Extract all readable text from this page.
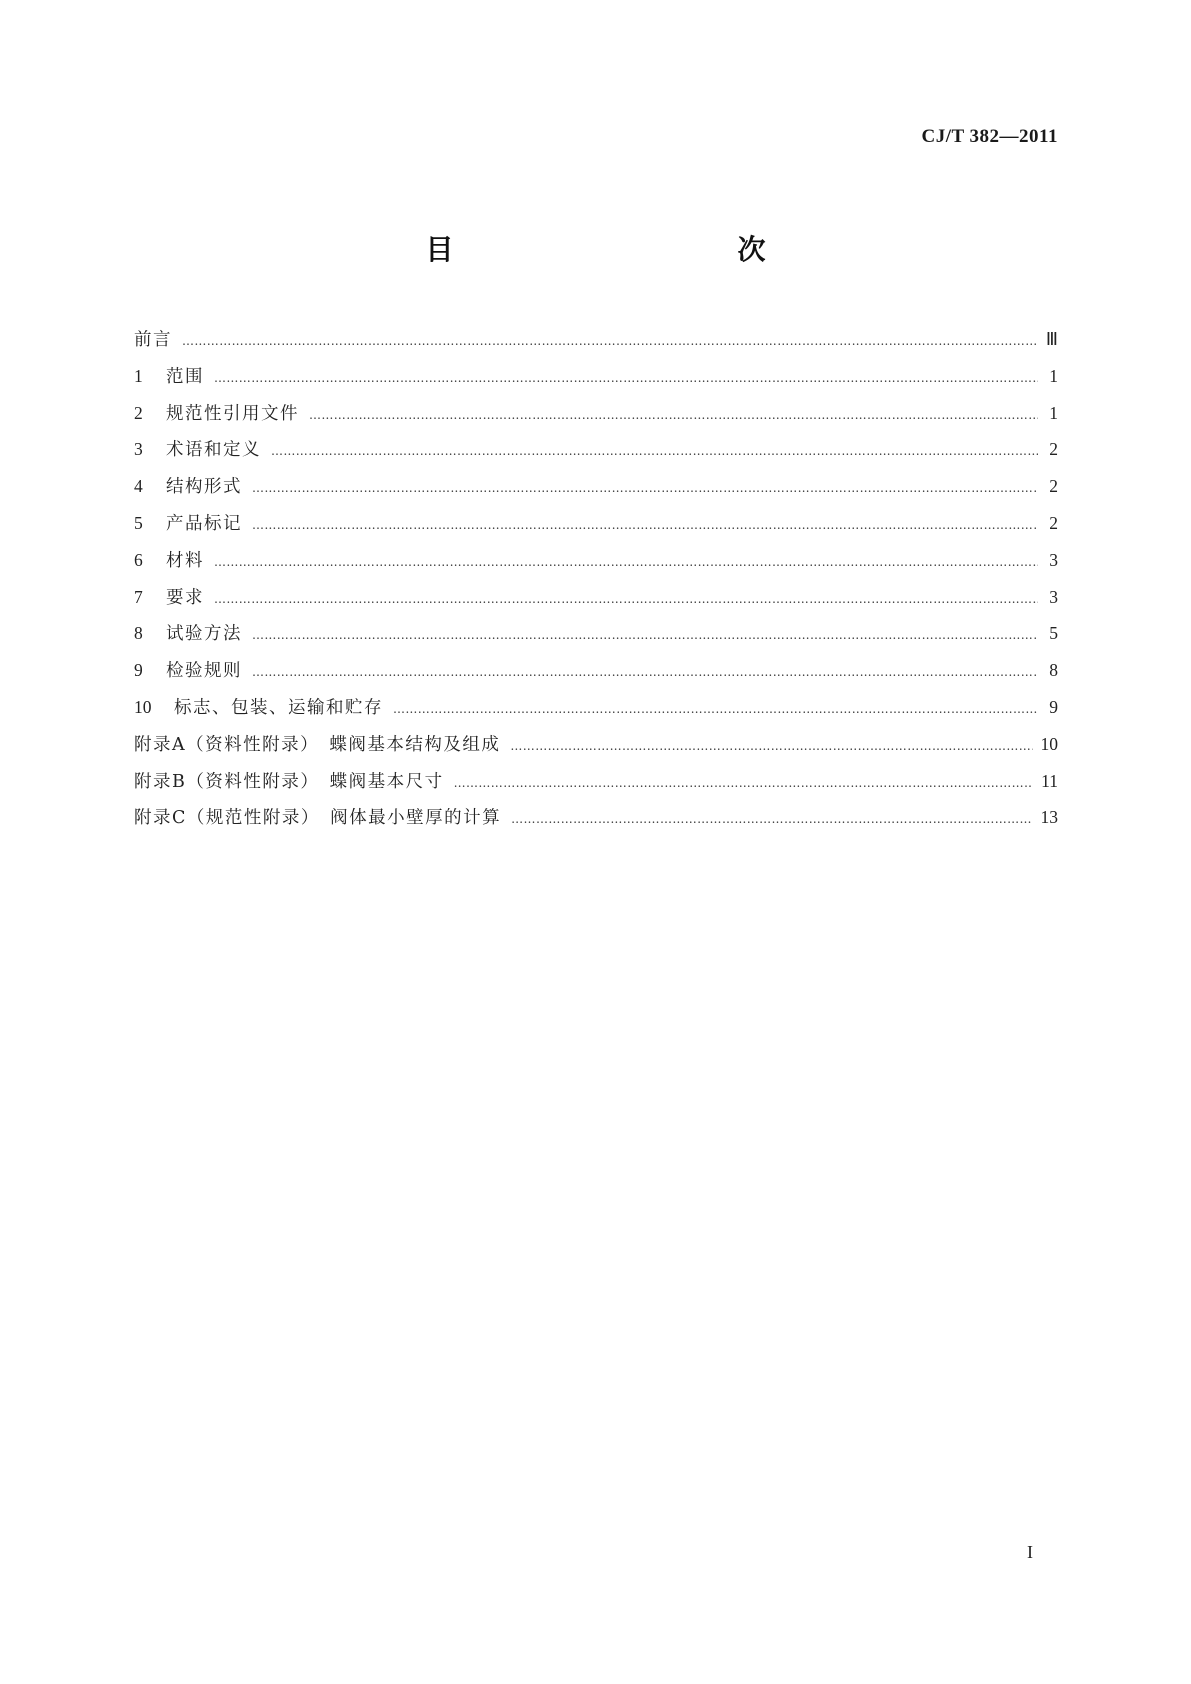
CJ/T 382—2011
目　　次
前言 …………………………………………………………………………………………………………………………………………………………………………………………………………	Ⅲ
1	范围 …………………………………………………………………………………………………………………………………………………………………………………………………………	1
2	规范性引用文件 …………………………………………………………………………………………………………………………………………………………………………………………………………	1
3	术语和定义 …………………………………………………………………………………………………………………………………………………………………………………………………………	2
4	结构形式 …………………………………………………………………………………………………………………………………………………………………………………………………………	2
5	产品标记 …………………………………………………………………………………………………………………………………………………………………………………………………………	2
6	材料 …………………………………………………………………………………………………………………………………………………………………………………………………………	3
7	要求 …………………………………………………………………………………………………………………………………………………………………………………………………………	3
8	试验方法 …………………………………………………………………………………………………………………………………………………………………………………………………………	5
9	检验规则 …………………………………………………………………………………………………………………………………………………………………………………………………………	8
10	标志、包装、运输和贮存 …………………………………………………………………………………………………………………………………………………………………………………………………………	9
附录A（资料性附录）　蝶阀基本结构及组成 …………………………………………………………………………………………………………………………………………………………………………………………………………	10
附录B（资料性附录）　蝶阀基本尺寸 …………………………………………………………………………………………………………………………………………………………………………………………………………	11
附录C（规范性附录）　阀体最小壁厚的计算 …………………………………………………………………………………………………………………………………………………………………………………………………………	13
I
